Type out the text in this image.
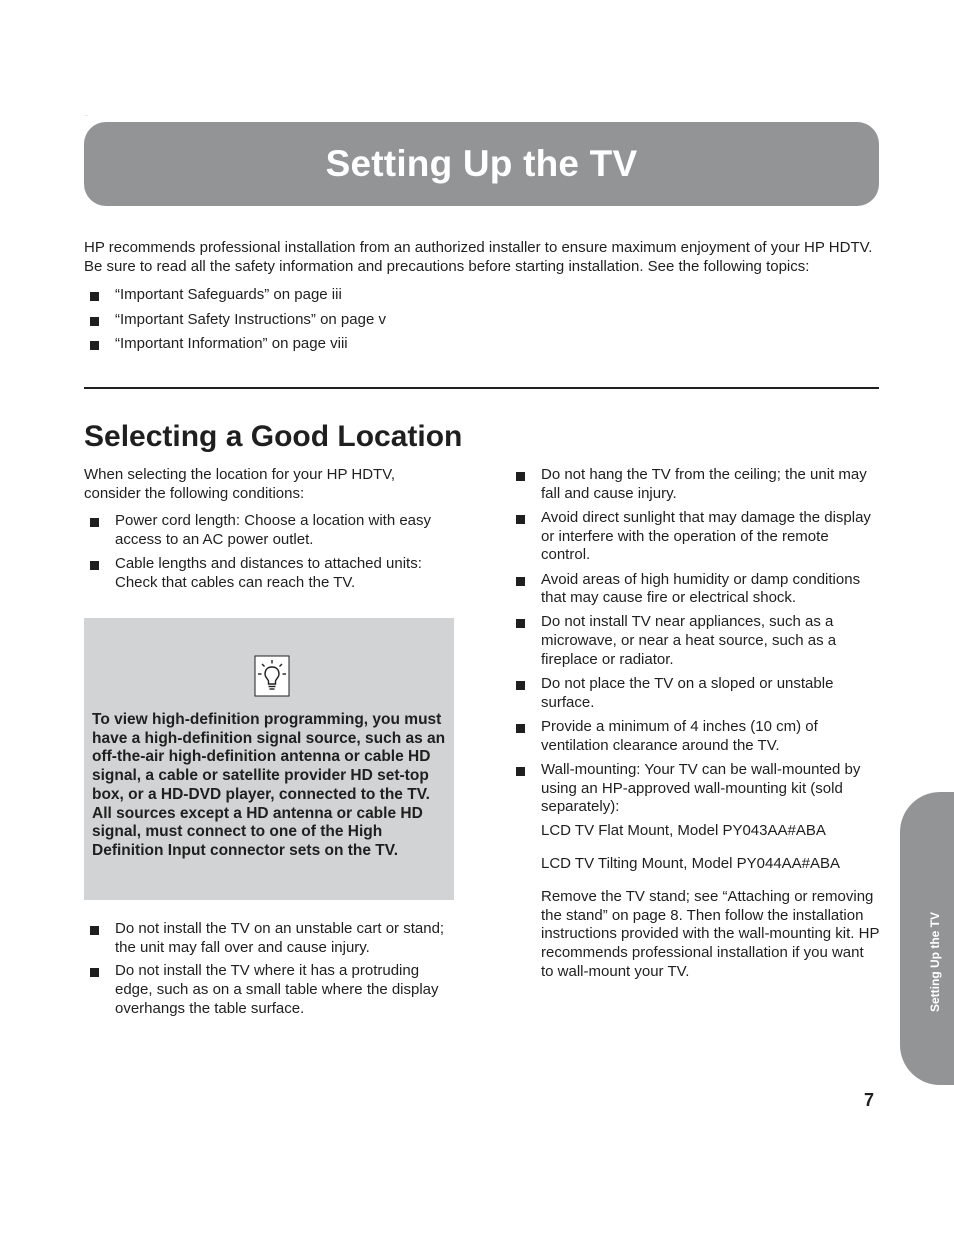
..
Setting Up the TV

HP recommends professional installation from an authorized installer to ensure maximum enjoyment of your HP HDTV. Be sure to read all the safety information and precautions before starting installation. See the following topics:

“Important Safeguards” on page iii
“Important Safety Instructions” on page v
“Important Information” on page viii
Selecting a Good Location

When selecting the location for your HP HDTV, consider the following conditions:

Power cord length: Choose a location with easy access to an AC power outlet.
Cable lengths and distances to attached units: Check that cables can reach the TV.

To view high-definition programming, you must have a high-definition signal source, such as an off-the-air high-definition antenna or cable HD signal, a cable or satellite provider HD set-top box, or a HD-DVD player, connected to the TV. All sources except a HD antenna or cable HD signal, must connect to one of the High Definition Input connector sets on the TV.

Do not install the TV on an unstable cart or stand; the unit may fall over and cause injury.
Do not install the TV where it has a protruding edge, such as on a small table where the display overhangs the table surface.
Do not hang the TV from the ceiling; the unit may fall and cause injury.
Avoid direct sunlight that may damage the display or interfere with the operation of the remote control.
Avoid areas of high humidity or damp conditions that may cause fire or electrical shock.
Do not install TV near appliances, such as a microwave, or near a heat source, such as a fireplace or radiator.
Do not place the TV on a sloped or unstable surface.
Provide a minimum of 4 inches (10 cm) of ventilation clearance around the TV.
Wall-mounting: Your TV can be wall-mounted by using an HP-approved wall-mounting kit (sold separately):

LCD TV Flat Mount, Model PY043AA#ABA

LCD TV Tilting Mount, Model PY044AA#ABA

Remove the TV stand; see “Attaching or removing the stand” on page 8. Then follow the installation instructions provided with the wall-mounting kit. HP recommends professional installation if you want to wall-mount your TV.	Setting Up the TV
7
